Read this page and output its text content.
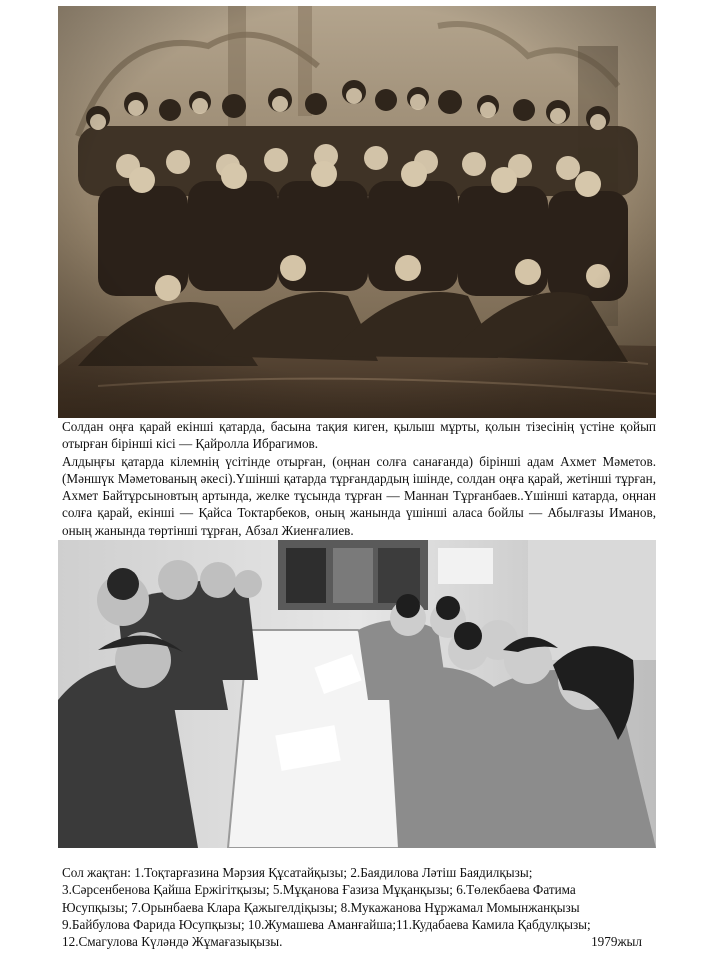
Солдан оңға қарай екінші қатарда, басына тақия киген, қылыш мұрты, қолын тізесінің үстіне қойып отырған бірінші кісі — Қайролла Ибрагимов.

Алдыңғы қатарда кілемнің үсітінде отырған, (оңнан солға санағанда) бірінші адам Ахмет Мәметов.(Мәншүк Мәметованың әкесі).Үшінші қатарда тұрғандардың ішінде, солдан оңға қарай, жетінші тұрған, Ахмет Байтұрсыновтың артында, желке тұсында тұрған — Маннан Тұрғанбаев..Үшінші катарда, оңнан солға қарай, екінші — Қайса Токтарбеков, оның жанында үшінші алаcа бойлы — Абылғазы Иманов, оның жанында төртінші тұрған, Абзал Жиенғалиев.

Сол жақтан: 1.Тоқтарғазина Мәрзия Құсатайқызы; 2.Баядилова Ләтіш Баядилқызы;
3.Сәрсенбенова Қайша Ержігітқызы; 5.Мұқанова Ғазиза Мұқанқызы; 6.Төлекбаева Фатима
Юсупқызы; 7.Орынбаева Клара Қажыгелдіқызы; 8.Мукажанова Нұржамал Момынжанқызы
9.Байбулова Фарида Юсупқызы; 10.Жумашева Аманғайша;11.Кудабаева Камила Қабдулқызы;
12.Смагулова Күләндә Жұмағазықызы.	1979жыл
